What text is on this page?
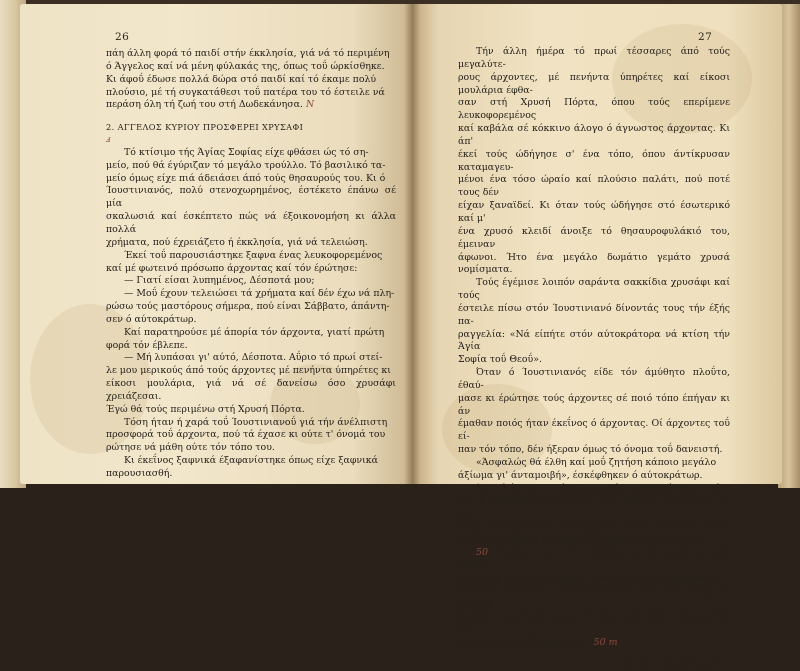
26

πάη άλλη φορά τό παιδί στήν έκκλησία, γιά νά τό περιμένη

ό Άγγελος καί νά μένη φύλακάς της, όπως τοΰ ώρκίσθηκε.

Κι άφοΰ έδωσε πολλά δώρα στό παιδί καί τό έκαμε πολύ

πλούσιο, μέ τή συγκατάθεσι τοΰ πατέρα του τό έστειλε νά

περάση όλη τή ζωή του στή Δωδεκάνησα. Ν

2. ΑΓΓΕΛΟΣ ΚΥΡΙΟΥ ΠΡΟΣΦΕΡΕΙ ΧΡΥΣΑΦΙ

ⅎ

Τό κτίσιμο τής Άγίας Σοφίας είχε φθάσει ώς τό ση-

μείο, πού θά έγύριζαν τό μεγάλο τρούλλο. Τό βασιλικό τα-

μείο όμως είχε πιά άδειάσει άπό τούς θησαυρούς του. Κι ό

Ίουστινιανός, πολύ στενοχωρημένος, έστέκετο έπάνω σέ μία

σκαλωσιά καί έσκέπτετο πώς νά έξοικονομήση κι άλλα πολλά

χρήματα, πού έχρειάζετο ή έκκλησία, γιά νά τελειώση.

Έκεί τοΰ παρουσιάστηκε ξαφνα ένας λευκοφορεμένος

καί μέ φωτεινό πρόσωπο άρχοντας καί τόν έρώτησε:

— Γιατί είσαι λυπημένος, Δέσποτά μου;

— Μοΰ έχουν τελειώσει τά χρήματα καί δέν έχω νά πλη-

ρώσω τούς μαστόρους σήμερα, πού είναι Σάββατο, άπάντη-

σεν ό αύτοκράτωρ.

Καί παρατηρούσε μέ άπορία τόν άρχοντα, γιατί πρώτη

φορά τόν έβλεπε.

— Μή λυπάσαι γι' αύτό, Δέσποτα. Αΰριο τό πρωί στεί-

λε μου μερικούς άπό τούς άρχοντες μέ πενήντα ύπηρέτες κι

είκοσι μουλάρια, γιά νά σέ δανείσω όσο χρυσάφι χρειάζεσαι.

Έγώ θά τούς περιμένω στή Χρυσή Πόρτα.

Τόση ήταν ή χαρά τοΰ Ίουστινιανοΰ γιά τήν άνέλπιστη

προσφορά τοΰ άρχοντα, πού τά έχασε κι ούτε τ' όνομά του

ρώτησε νά μάθη ούτε τόν τόπο του.

Κι έκεΐνος ξαφνικά έξαφανίστηκε όπως είχε ξαφνικά

παρουσιασθή.

27

Τήν άλλη ήμέρα τό πρωί τέσσαρες άπό τούς μεγαλύτε-

ρους άρχοντες, μέ πενήντα ύπηρέτες καί είκοσι μουλάρια έφθα-

σαν στή Χρυσή Πόρτα, όπου τούς επερίμενε λευκοφορεμένος

καί καβάλα σέ κόκκινο άλογο ό άγνωστος άρχοντας. Κι άπ'

έκεί τούς ώδήγησε σ' ένα τόπο, όπου άντίκρυσαν καταμαγευ-

μένοι ένα τόσο ώραίο καί πλούσιο παλάτι, πού ποτέ τους δέν

είχαν ξαναϊδεί. Κι όταν τούς ώδήγησε στό έσωτερικό καί μ'

ένα χρυσό κλειδί άνοιξε τό θησαυροφυλάκιό του, έμειναν

άφωνοι. Ήτο ένα μεγάλο δωμάτιο γεμάτο χρυσά νομίσματα.

Τούς έγέμισε λοιπόν σαράντα σακκίδια χρυσάφι καί τούς

έστειλε πίσω στόν Ίουστινιανό δίνοντάς τους τήν έξής πα-

ραγγελία: «Νά είπήτε στόν αύτοκράτορα νά κτίση τήν Άγία

Σοφία τοΰ Θεοΰ».

Όταν ό Ίουστινιανός είδε τόν άμύθητο πλοΰτο, έθαύ-

μασε κι έρώτησε τούς άρχοντες σέ ποιό τόπο έπήγαν κι άν

έμαθαν ποιός ήταν έκεΐνος ό άρχοντας. Οί άρχοντες τοΰ εί-

παν τόν τόπο, δέν ήξεραν όμως τό όνομα τοΰ δανειστή.

«Άσφαλώς θά έλθη καί μοΰ ζητήση κάποιο μεγάλο

άξίωμα γι' άνταμοιβή», έσκέφθηκεν ό αύτοκράτωρ.

Άλλ' ό άγνωστος άρχοντας δέν παρουσιάσθηκε πιά.

Καί ό Ίουστινιανός έστειλε τούς ίδιους, πού έφεραν τό χρυ-

σάφι, νά φέρουν καί τόν άρχοντα. Μά ούτε παλάτι ούτε

σπίτι ούτε δρόμο ματημένο εύρήκαν στόν ίδιο τόπο.

50 Ένόησε πιά τήν άλήθεια ό αύτοκράτωρ καί εύχαρί-

στησε μέ μεγάλη εύλάβεια τό Θεό: «Τώρα έγνώρισα ότι

έστειλες, Θεέ μου, τόν Άγγελό Σου καί μοΰ έφερε τή μεγάλη

δωρεά Σου, γιά νά κτίσω τήν έκκλησία Σου. Εύλογημένο νά

είναι τό Άγιον Όνομά Σου». 50 m

Γεώργιος Ν. Καλαρκονιώτης
